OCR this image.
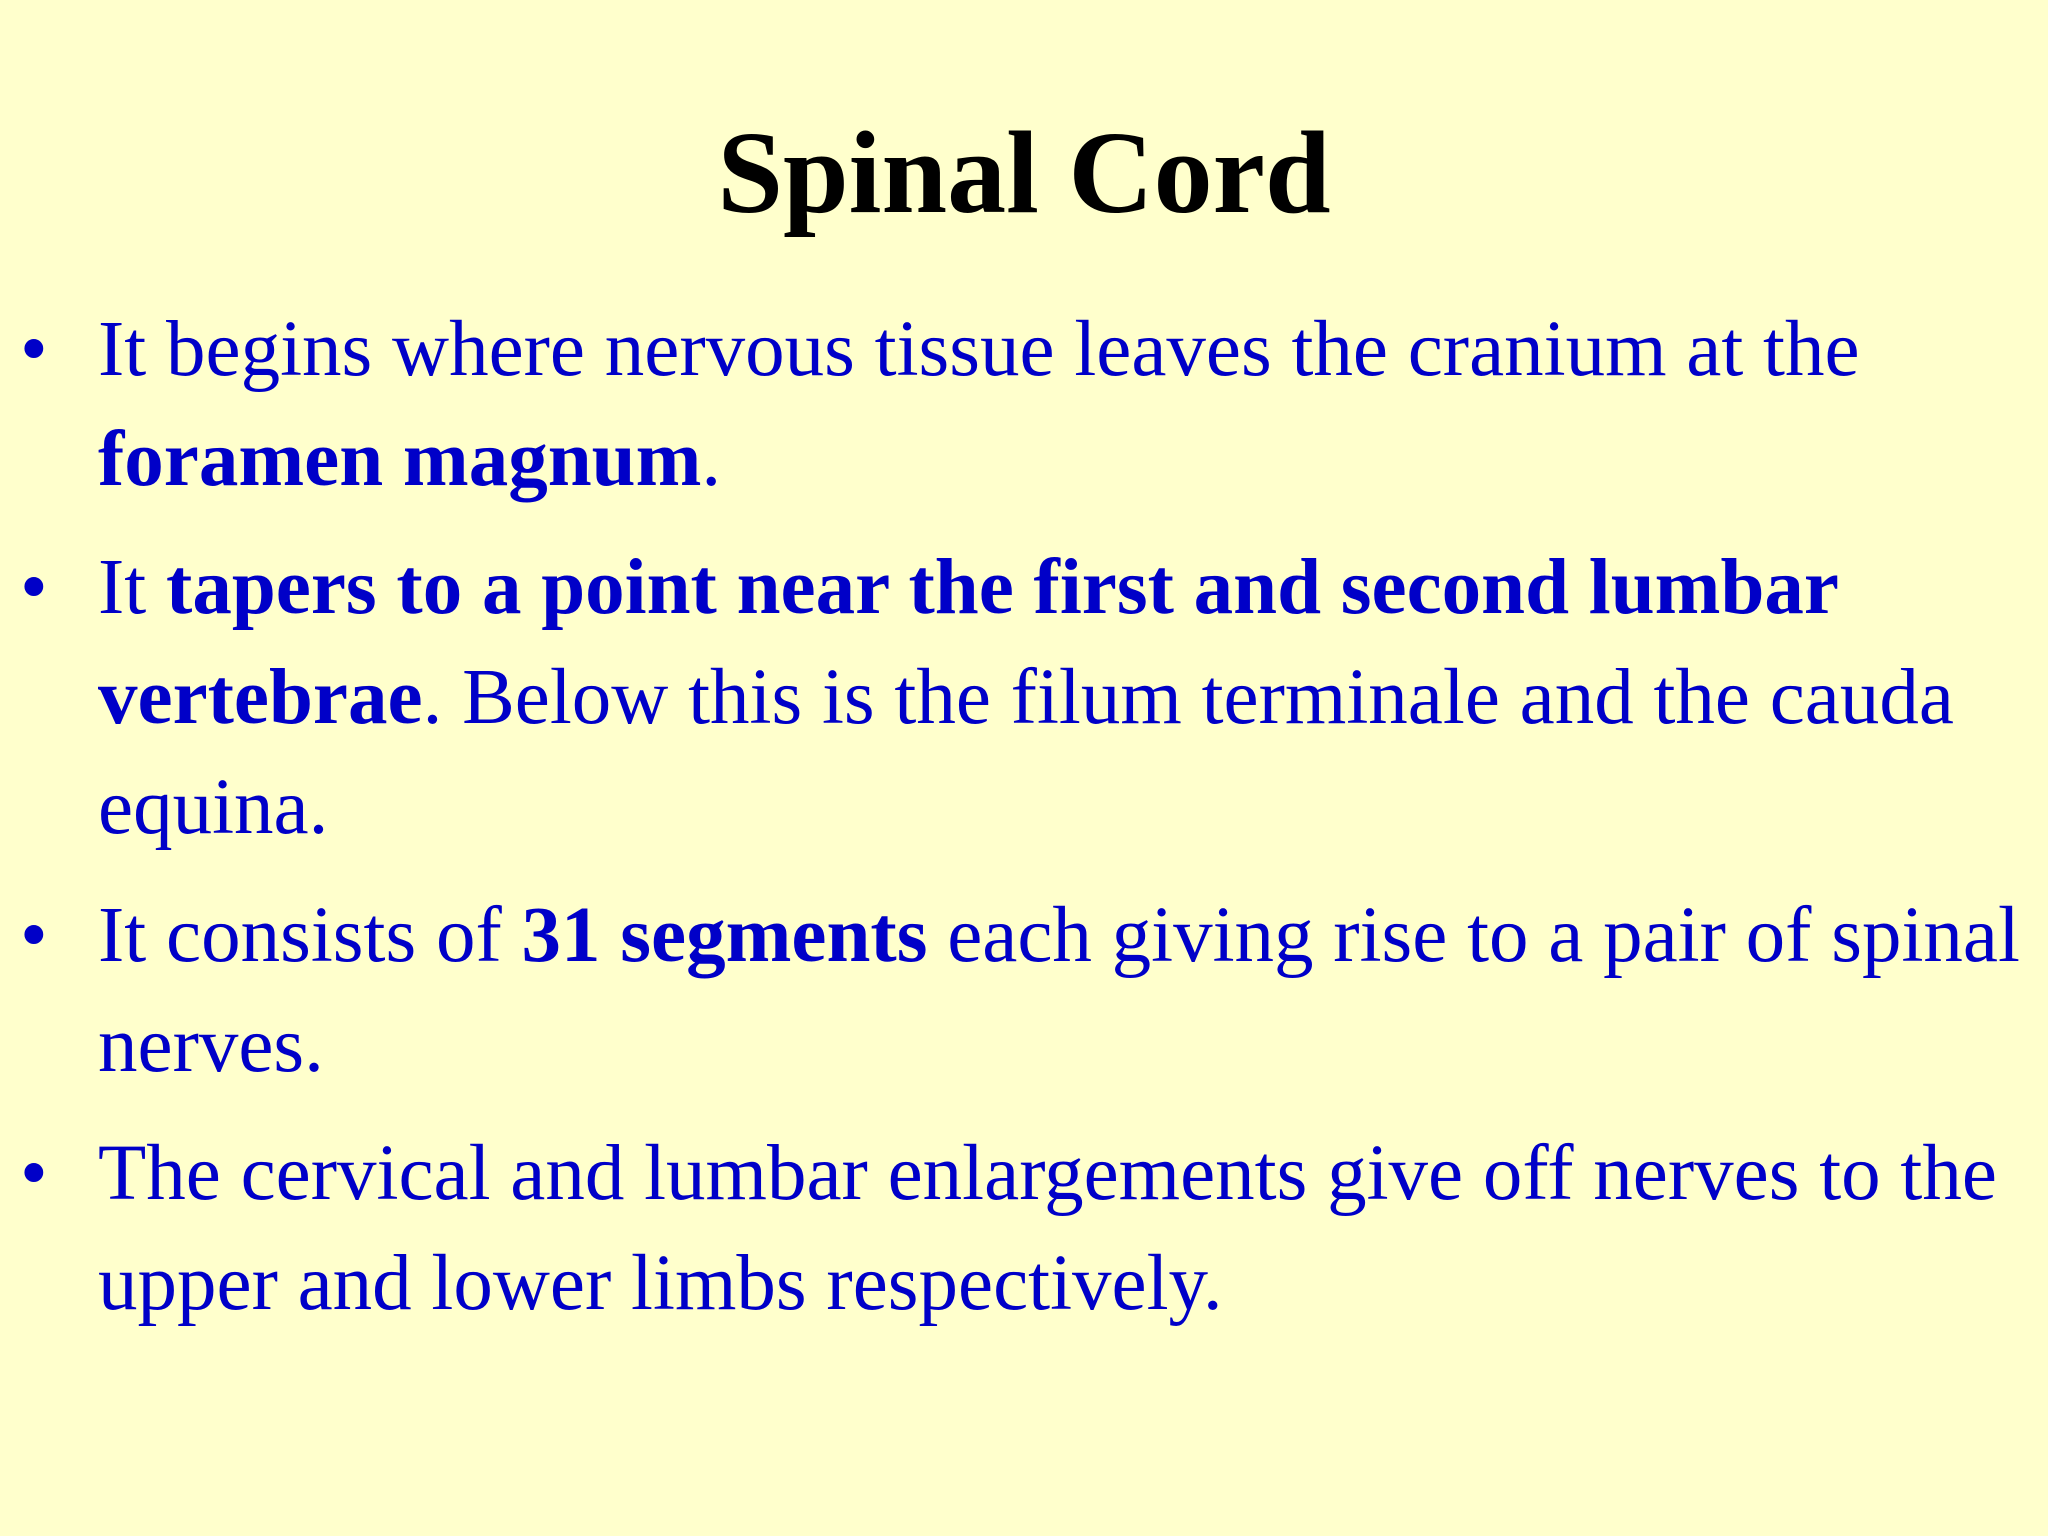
Spinal Cord
• It begins where nervous tissue leaves the cranium at the foramen magnum.
• It tapers to a point near the first and second lumbar vertebrae. Below this is the filum terminale and the cauda equina.
• It consists of 31 segments each giving rise to a pair of spinal nerves.
• The cervical and lumbar enlargements give off nerves to the upper and lower limbs respectively.
